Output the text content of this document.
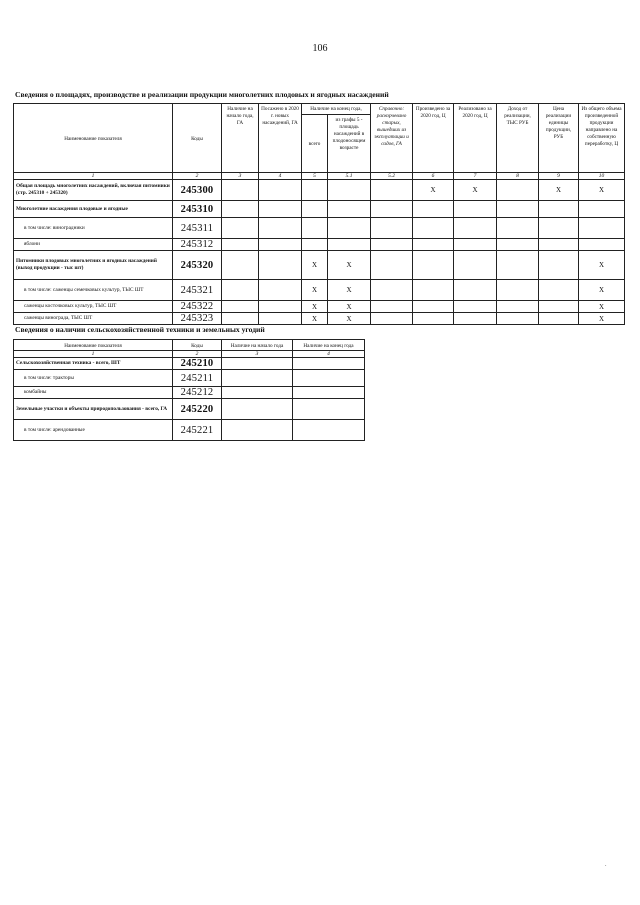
106
Сведения о площадях, производстве и реализации продукции многолетних плодовых и ягодных насаждений
Наименование показателя	Коды	Наличие на начало года, ГА	Посажено в 2020 г. новых насаждений, ГА	Наличие на конец года,		Справочно: раскорчевано старых, вышедших из эксплуатации и садов, ГА	Произведено за 2020 год, Ц	Реализовано за 2020 год, Ц	Доход от реализации, ТЫС РУБ	Цена реализации единицы продукции, РУБ	Из общего объема произведенной продукции направлено на собственную переработку, Ц
				всего	из графы 5 - площадь насаждений в плодоносящем возрасте						
1	2	3	4	5	5.1	5.2	6	7	8	9	10
Общая площадь многолетних насаждений, включая питомники (стр. 245310 + 245320)	245300						X	X		X	X
Многолетние насаждения плодовые и ягодные	245310										
в том числе: виноградники	245311										
яблони	245312										
Питомники плодовых многолетних и ягодных насаждений (выход продукции - тыс шт)	245320			X	X						X
в том числе: саженцы семечковых культур, ТЫС ШТ	245321			X	X						X
саженцы косточковых культур, ТЫС ШТ	245322			X	X						X
саженцы винограда, ТЫС ШТ	245323			X	X						X
Сведения о наличии сельскохозяйственной техники и земельных угодий
Наименование показателя	Коды	Наличие на начало года	Наличие на конец года
1	2	3	4
Сельскохозяйственная техника - всего, ШТ	245210		
в том числе: тракторы	245211		
комбайны	245212		
Земельные участки и объекты природопользования - всего, ГА	245220		
в том числе: арендованные	245221		
.
